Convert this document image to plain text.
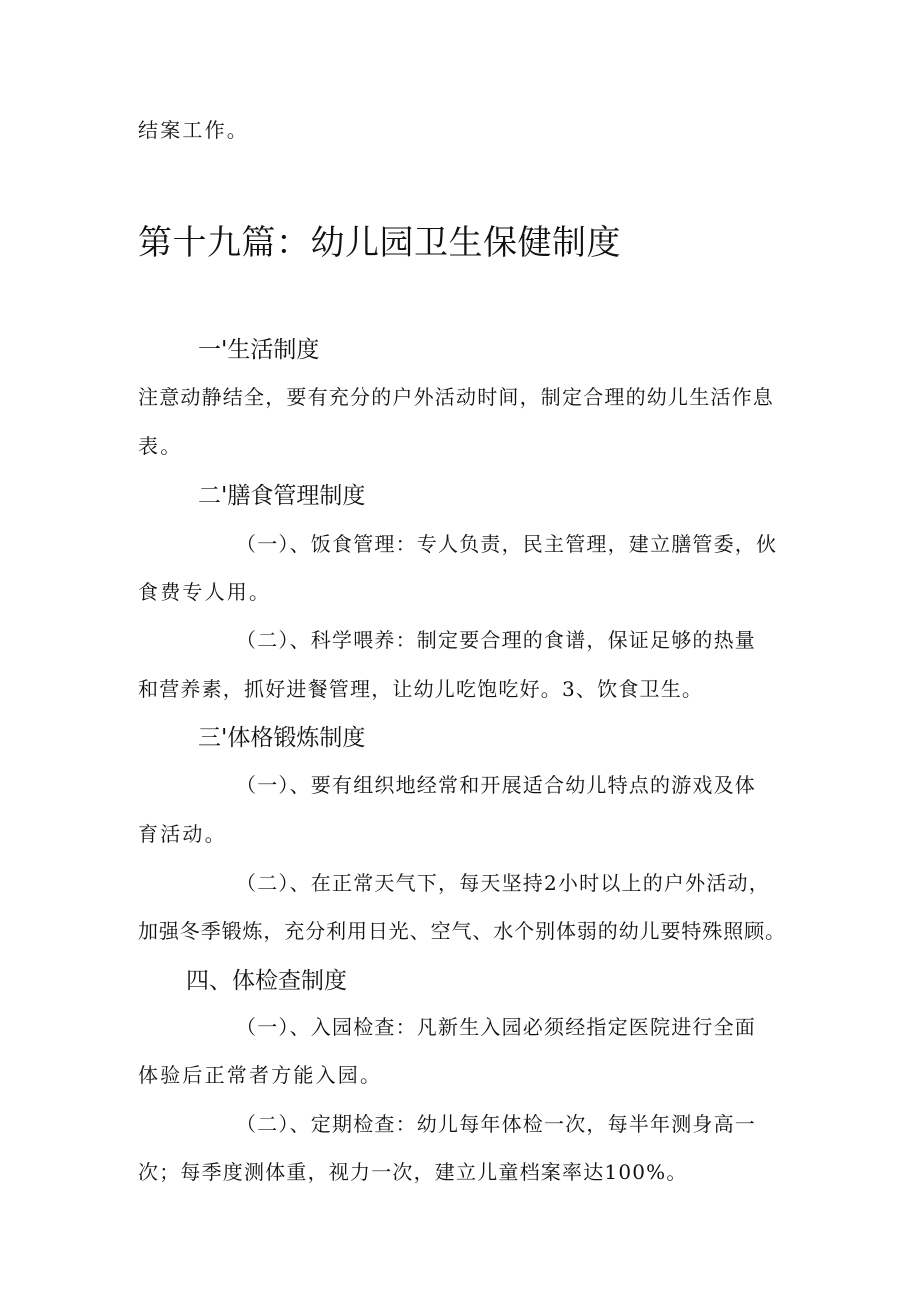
结案工作。
第十九篇：幼儿园卫生保健制度
一'生活制度
注意动静结全，要有充分的户外活动时间，制定合理的幼儿生活作息
表。
二'膳食管理制度
（一）、饭食管理：专人负责，民主管理，建立膳管委，伙
食费专人用。
（二）、科学喂养：制定要合理的食谱，保证足够的热量
和营养素，抓好进餐管理，让幼儿吃饱吃好。3、饮食卫生。
三'体格锻炼制度
（一）、要有组织地经常和开展适合幼儿特点的游戏及体
育活动。
（二）、在正常天气下，每天坚持2小时以上的户外活动，
加强冬季锻炼，充分利用日光、空气、水个别体弱的幼儿要特殊照顾。
四、体检查制度
（一）、入园检查：凡新生入园必须经指定医院进行全面
体验后正常者方能入园。
（二）、定期检查：幼儿每年体检一次，每半年测身高一
次；每季度测体重，视力一次，建立儿童档案率达100%。
